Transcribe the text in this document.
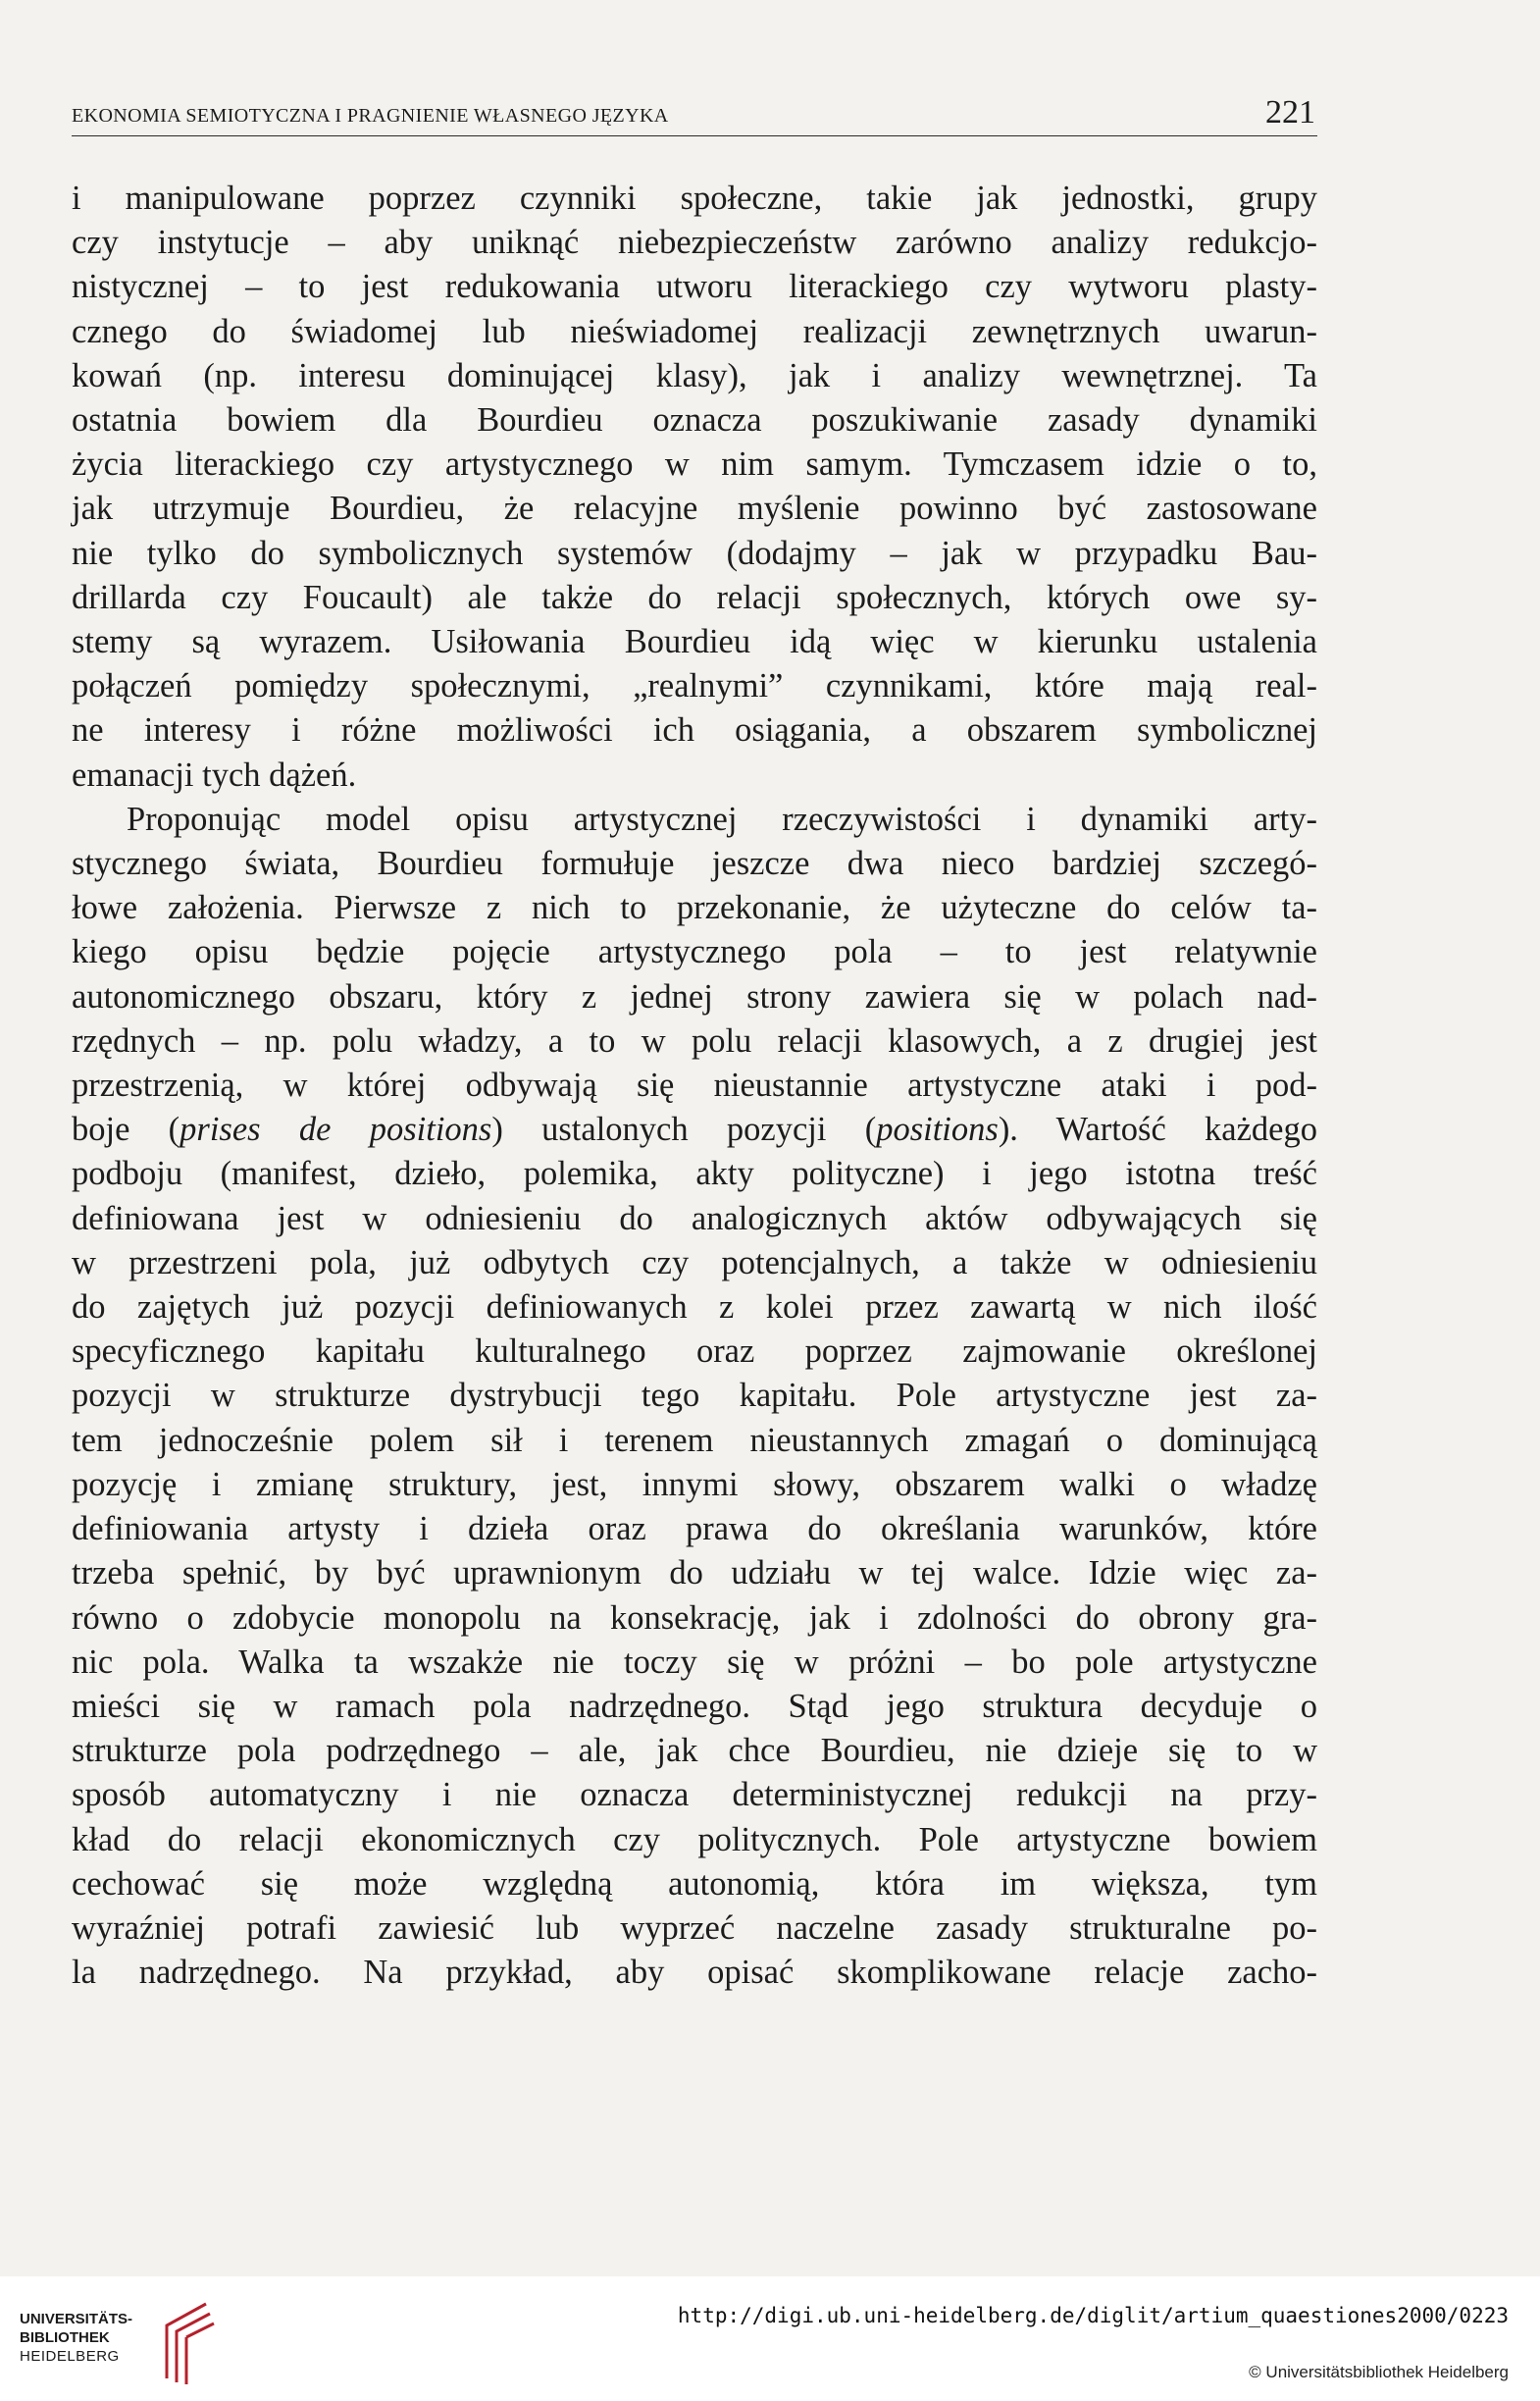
EKONOMIA SEMIOTYCZNA I PRAGNIENIE WŁASNEGO JĘZYKA	221
i manipulowane poprzez czynniki społeczne, takie jak jednostki, grupy
czy instytucje – aby uniknąć niebezpieczeństw zarówno analizy redukcjo-
nistycznej – to jest redukowania utworu literackiego czy wytworu plasty-
cznego do świadomej lub nieświadomej realizacji zewnętrznych uwarun-
kowań (np. interesu dominującej klasy), jak i analizy wewnętrznej. Ta
ostatnia bowiem dla Bourdieu oznacza poszukiwanie zasady dynamiki
życia literackiego czy artystycznego w nim samym. Tymczasem idzie o to,
jak utrzymuje Bourdieu, że relacyjne myślenie powinno być zastosowane
nie tylko do symbolicznych systemów (dodajmy – jak w przypadku Bau-
drillarda czy Foucault) ale także do relacji społecznych, których owe sy-
stemy są wyrazem. Usiłowania Bourdieu idą więc w kierunku ustalenia
połączeń pomiędzy społecznymi, „realnymi” czynnikami, które mają real-
ne interesy i różne możliwości ich osiągania, a obszarem symbolicznej
emanacji tych dążeń.
Proponując model opisu artystycznej rzeczywistości i dynamiki arty-
stycznego świata, Bourdieu formułuje jeszcze dwa nieco bardziej szczegó-
łowe założenia. Pierwsze z nich to przekonanie, że użyteczne do celów ta-
kiego opisu będzie pojęcie artystycznego pola – to jest relatywnie
autonomicznego obszaru, który z jednej strony zawiera się w polach nad-
rzędnych – np. polu władzy, a to w polu relacji klasowych, a z drugiej jest
przestrzenią, w której odbywają się nieustannie artystyczne ataki i pod-
boje (prises de positions) ustalonych pozycji (positions). Wartość każdego
podboju (manifest, dzieło, polemika, akty polityczne) i jego istotna treść
definiowana jest w odniesieniu do analogicznych aktów odbywających się
w przestrzeni pola, już odbytych czy potencjalnych, a także w odniesieniu
do zajętych już pozycji definiowanych z kolei przez zawartą w nich ilość
specyficznego kapitału kulturalnego oraz poprzez zajmowanie określonej
pozycji w strukturze dystrybucji tego kapitału. Pole artystyczne jest za-
tem jednocześnie polem sił i terenem nieustannych zmagań o dominującą
pozycję i zmianę struktury, jest, innymi słowy, obszarem walki o władzę
definiowania artysty i dzieła oraz prawa do określania warunków, które
trzeba spełnić, by być uprawnionym do udziału w tej walce. Idzie więc za-
równo o zdobycie monopolu na konsekrację, jak i zdolności do obrony gra-
nic pola. Walka ta wszakże nie toczy się w próżni – bo pole artystyczne
mieści się w ramach pola nadrzędnego. Stąd jego struktura decyduje o
strukturze pola podrzędnego – ale, jak chce Bourdieu, nie dzieje się to w
sposób automatyczny i nie oznacza deterministycznej redukcji na przy-
kład do relacji ekonomicznych czy politycznych. Pole artystyczne bowiem
cechować się może względną autonomią, która im większa, tym
wyraźniej potrafi zawiesić lub wyprzeć naczelne zasady strukturalne po-
la nadrzędnego. Na przykład, aby opisać skomplikowane relacje zacho-
UNIVERSITÄTS-
BIBLIOTHEK
HEIDELBERG
http://digi.ub.uni-heidelberg.de/diglit/artium_quaestiones2000/0223
© Universitätsbibliothek Heidelberg
